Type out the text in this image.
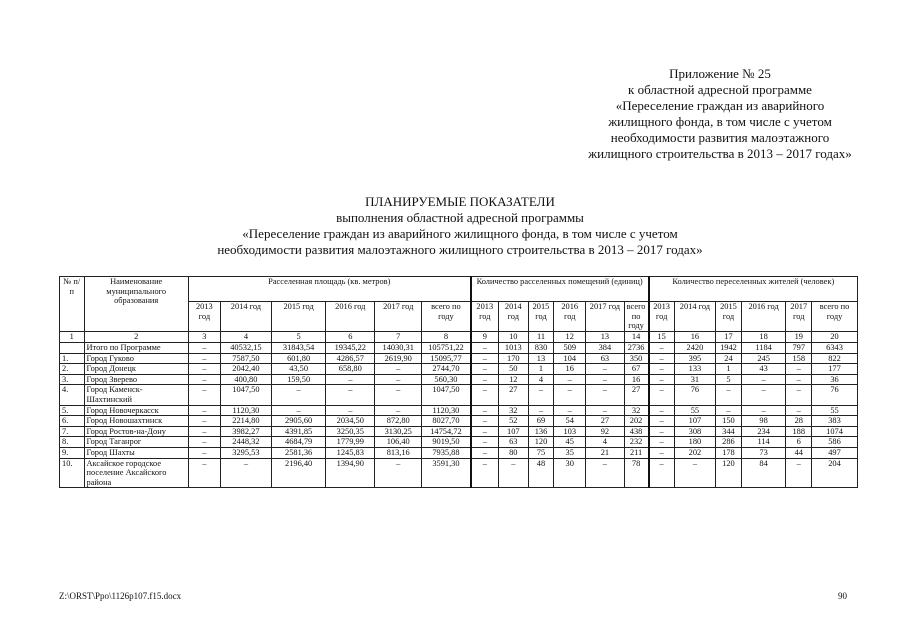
Приложение № 25
к областной адресной программе
«Переселение граждан из аварийного
жилищного фонда, в том числе с учетом
необходимости развития малоэтажного
жилищного строительства в 2013 – 2017 годах»
ПЛАНИРУЕМЫЕ ПОКАЗАТЕЛИ
выполнения областной адресной программы
«Переселение граждан из аварийного жилищного фонда, в том числе с учетом
необходимости развития малоэтажного жилищного строительства в 2013 – 2017 годах»
№ п/п	Наименование муниципального образования	Расселенная площадь (кв. метров)						Количество расселенных помещений (единиц)						Количество переселенных жителей (человек)					
		2013 год	2014 год	2015 год	2016 год	2017 год	всего по году	2013 год	2014 год	2015 год	2016 год	2017 год	всего по году	2013 год	2014 год	2015 год	2016 год	2017 год	всего по году
1	2	3	4	5	6	7	8	9	10	11	12	13	14	15	16	17	18	19	20
	Итого по Программе	–	40532,15	31843,54	19345,22	14030,31	105751,22	–	1013	830	509	384	2736	–	2420	1942	1184	797	6343
1.	Город Гуково	–	7587,50	601,80	4286,57	2619,90	15095,77	–	170	13	104	63	350	–	395	24	245	158	822
2.	Город Донецк	–	2042,40	43,50	658,80	–	2744,70	–	50	1	16	–	67	–	133	1	43	–	177
3.	Город Зверево	–	400,80	159,50	–	–	560,30	–	12	4	–	–	16	–	31	5	–	–	36
4.	Город Каменск-Шахтинский	–	1047,50	–	–	–	1047,50	–	27	–	–	–	27	–	76	–	–	–	76
5.	Город Новочеркасск	–	1120,30	–	–	–	1120,30	–	32	–	–	–	32	–	55	–	–	–	55
6.	Город Новошахтинск	–	2214,80	2905,60	2034,50	872,80	8027,70	–	52	69	54	27	202	–	107	150	98	28	383
7.	Город Ростов-на-Дону	–	3982,27	4391,85	3250,35	3130,25	14754,72	–	107	136	103	92	438	–	308	344	234	188	1074
8.	Город Таганрог	–	2448,32	4684,79	1779,99	106,40	9019,50	–	63	120	45	4	232	–	180	286	114	6	586
9.	Город Шахты	–	3295,53	2581,36	1245,83	813,16	7935,88	–	80	75	35	21	211	–	202	178	73	44	497
10.	Аксайское городское поселение Аксайского района	–	–	2196,40	1394,90	–	3591,30	–	–	48	30	–	78	–	–	120	84	–	204
Z:\ORST\Ppo\1126p107.f15.docx	90
